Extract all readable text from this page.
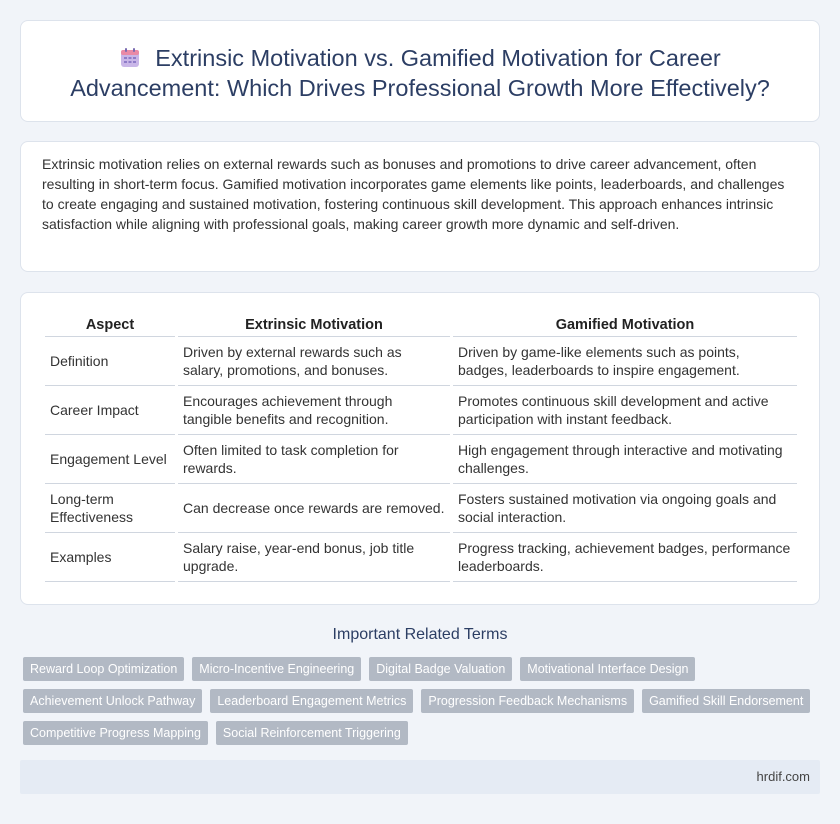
Extrinsic Motivation vs. Gamified Motivation for Career Advancement: Which Drives Professional Growth More Effectively?

Extrinsic motivation relies on external rewards such as bonuses and promotions to drive career advancement, often resulting in short-term focus. Gamified motivation incorporates game elements like points, leaderboards, and challenges to create engaging and sustained motivation, fostering continuous skill development. This approach enhances intrinsic satisfaction while aligning with professional goals, making career growth more dynamic and self-driven.

Aspect	Extrinsic Motivation	Gamified Motivation
Definition	Driven by external rewards such as salary, promotions, and bonuses.	Driven by game-like elements such as points, badges, leaderboards to inspire engagement.
Career Impact	Encourages achievement through tangible benefits and recognition.	Promotes continuous skill development and active participation with instant feedback.
Engagement Level	Often limited to task completion for rewards.	High engagement through interactive and motivating challenges.
Long-term Effectiveness	Can decrease once rewards are removed.	Fosters sustained motivation via ongoing goals and social interaction.
Examples	Salary raise, year-end bonus, job title upgrade.	Progress tracking, achievement badges, performance leaderboards.
Important Related Terms
Reward Loop Optimization	Micro-Incentive Engineering	Digital Badge Valuation	Motivational Interface Design
Achievement Unlock Pathway	Leaderboard Engagement Metrics	Progression Feedback Mechanisms	Gamified Skill Endorsement
Competitive Progress Mapping	Social Reinforcement Triggering
hrdif.com
